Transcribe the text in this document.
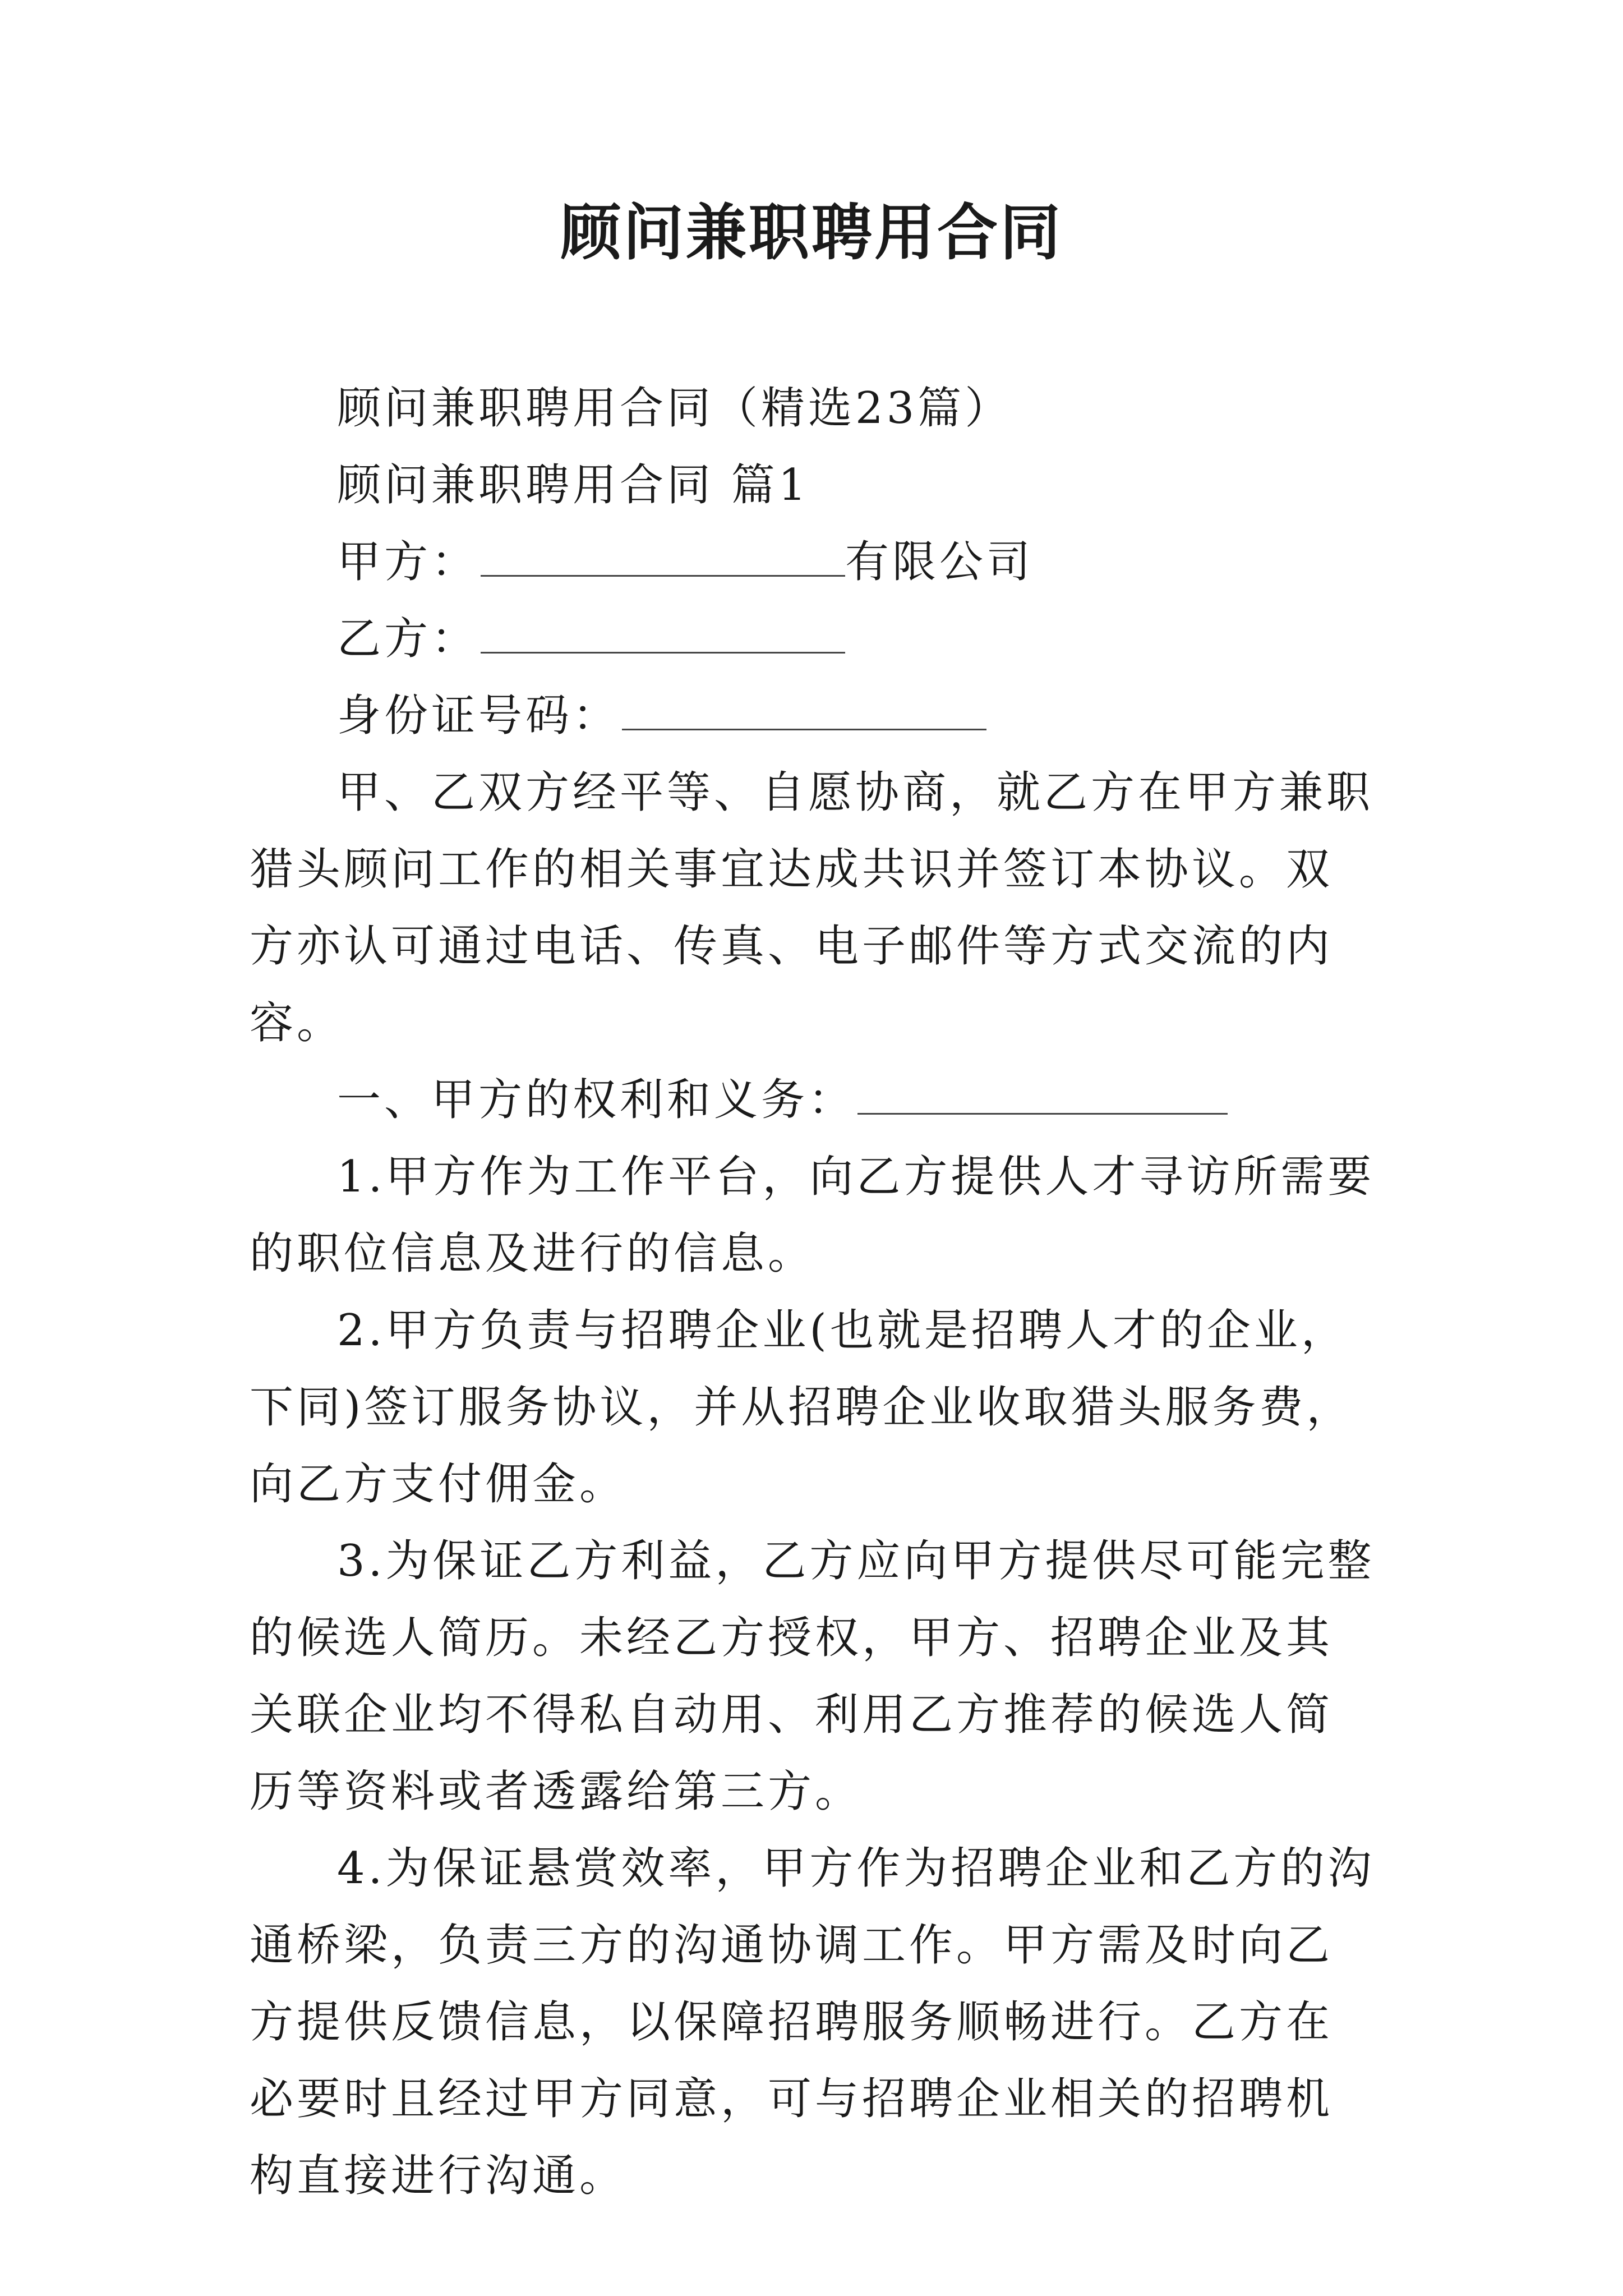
顾问兼职聘用合同

顾问兼职聘用合同（精选23篇）

顾问兼职聘用合同 篇1

甲方：	有限公司

乙方：

身份证号码：

甲、乙双方经平等、自愿协商，就乙方在甲方兼职猎头顾问工作的相关事宜达成共识并签订本协议。双方亦认可通过电话、传真、电子邮件等方式交流的内容。

一、甲方的权利和义务：

1.甲方作为工作平台，向乙方提供人才寻访所需要的职位信息及进行的信息。

2.甲方负责与招聘企业(也就是招聘人才的企业，下同)签订服务协议，并从招聘企业收取猎头服务费，向乙方支付佣金。

3.为保证乙方利益，乙方应向甲方提供尽可能完整的候选人简历。未经乙方授权，甲方、招聘企业及其关联企业均不得私自动用、利用乙方推荐的候选人简历等资料或者透露给第三方。

4.为保证悬赏效率，甲方作为招聘企业和乙方的沟通桥梁，负责三方的沟通协调工作。甲方需及时向乙方提供反馈信息，以保障招聘服务顺畅进行。乙方在必要时且经过甲方同意，可与招聘企业相关的招聘机构直接进行沟通。
